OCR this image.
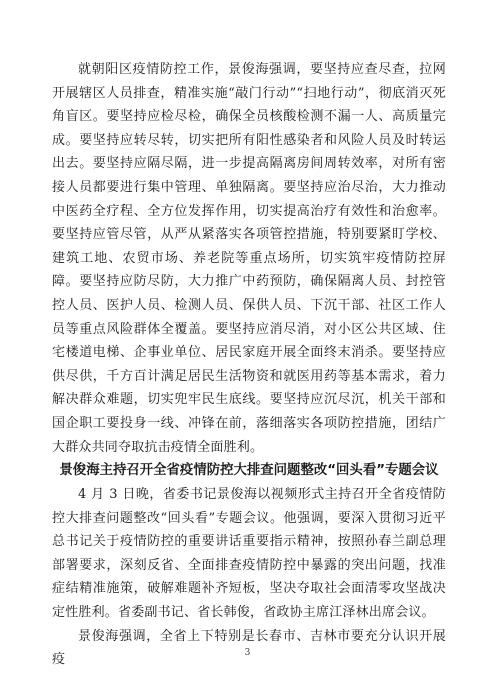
就朝阳区疫情防控工作，景俊海强调，要坚持应查尽查，拉网开展辖区人员排查，精准实施“敲门行动”“扫地行动”，彻底消灭死角盲区。要坚持应检尽检，确保全员核酸检测不漏一人、高质量完成。要坚持应转尽转，切实把所有阳性感染者和风险人员及时转运出去。要坚持应隔尽隔，进一步提高隔离房间周转效率，对所有密接人员都要进行集中管理、单独隔离。要坚持应治尽治，大力推动中医药全疗程、全方位发挥作用，切实提高治疗有效性和治愈率。要坚持应管尽管，从严从紧落实各项管控措施，特别要紧盯学校、建筑工地、农贸市场、养老院等重点场所，切实筑牢疫情防控屏障。要坚持应防尽防，大力推广中药预防，确保隔离人员、封控管控人员、医护人员、检测人员、保供人员、下沉干部、社区工作人员等重点风险群体全覆盖。要坚持应消尽消，对小区公共区域、住宅楼道电梯、企事业单位、居民家庭开展全面终末消杀。要坚持应供尽供，千方百计满足居民生活物资和就医用药等基本需求，着力解决群众难题，切实兜牢民生底线。要坚持应沉尽沉，机关干部和国企职工要投身一线、冲锋在前，落细落实各项防控措施，团结广大群众共同夺取抗击疫情全面胜利。

景俊海主持召开全省疫情防控大排查问题整改“回头看”专题会议

4 月 3 日晚，省委书记景俊海以视频形式主持召开全省疫情防控大排查问题整改“回头看”专题会议。他强调，要深入贯彻习近平总书记关于疫情防控的重要讲话重要指示精神，按照孙春兰副总理部署要求，深刻反省、全面排查疫情防控中暴露的突出问题，找准症结精准施策，破解难题补齐短板，坚决夺取社会面清零攻坚战决定性胜利。省委副书记、省长韩俊，省政协主席江泽林出席会议。

景俊海强调，全省上下特别是长春市、吉林市要充分认识开展疫	3
